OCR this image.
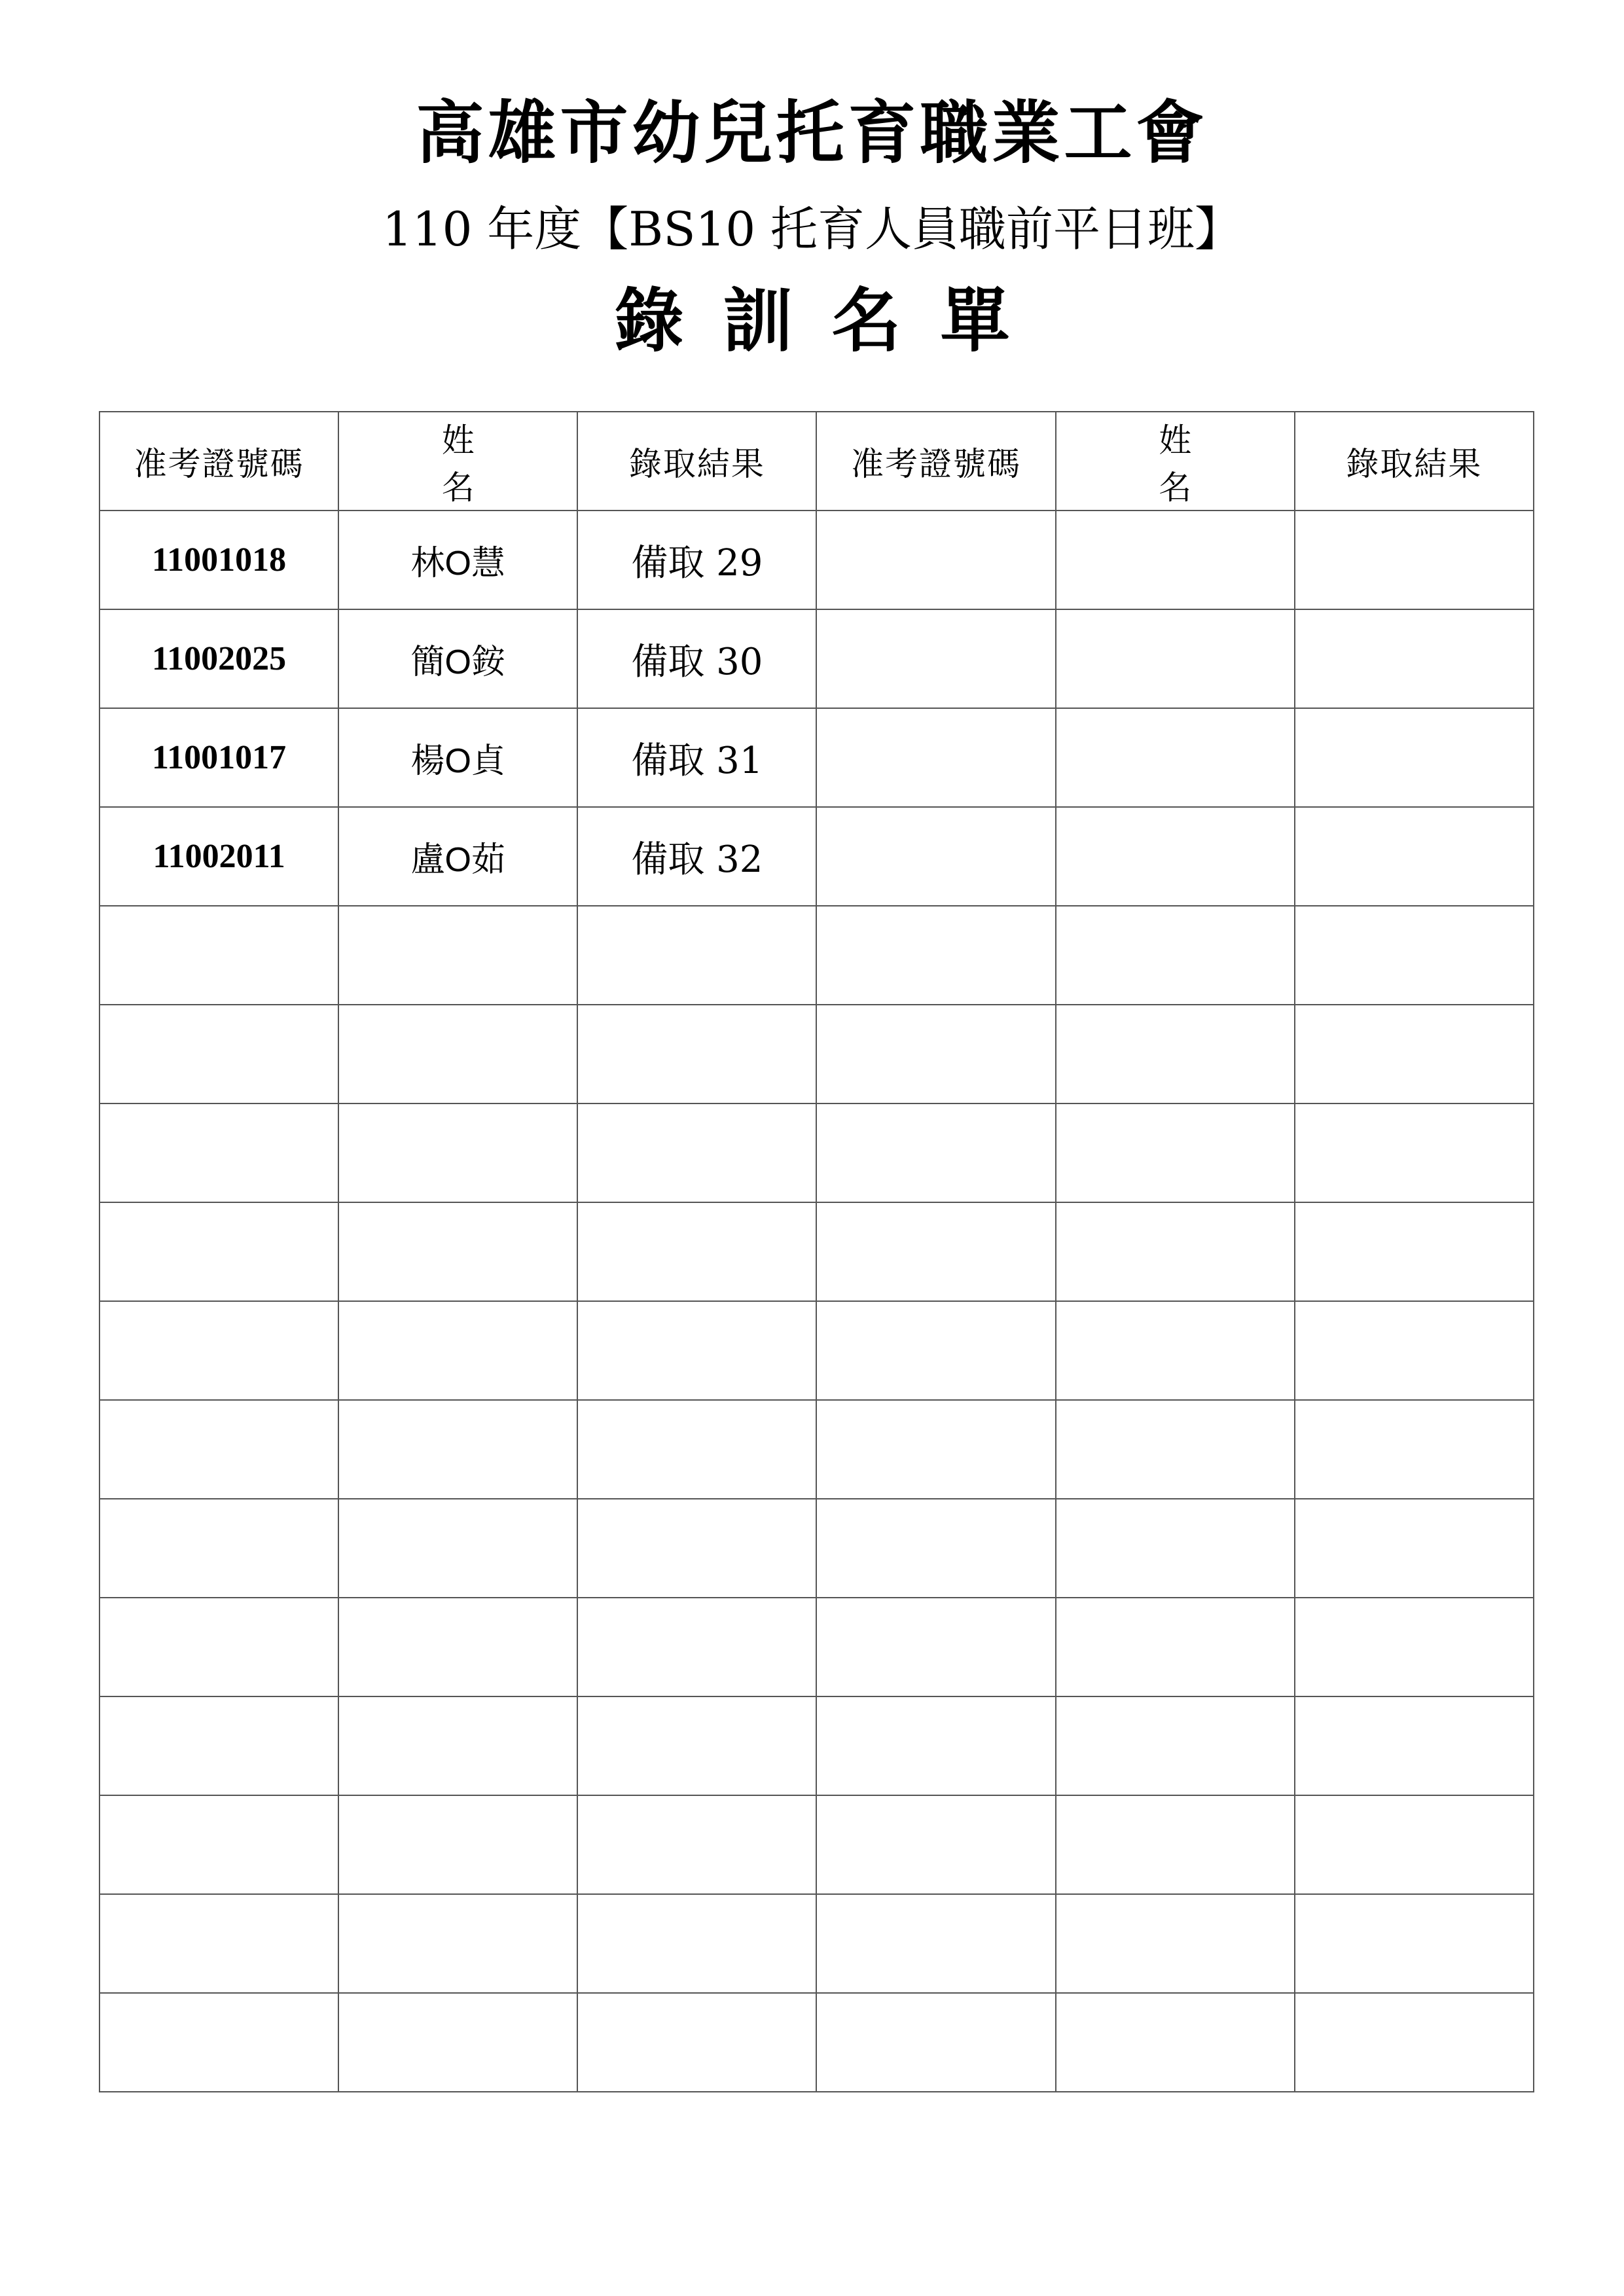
高雄市幼兒托育職業工會
110 年度【BS10 托育人員職前平日班】
錄訓名單
准考證號碼	姓名	錄取結果	准考證號碼	姓名	錄取結果
11001018	林O慧	備取 29			
11002025	簡O銨	備取 30			
11001017	楊O貞	備取 31			
11002011	盧O茹	備取 32			
